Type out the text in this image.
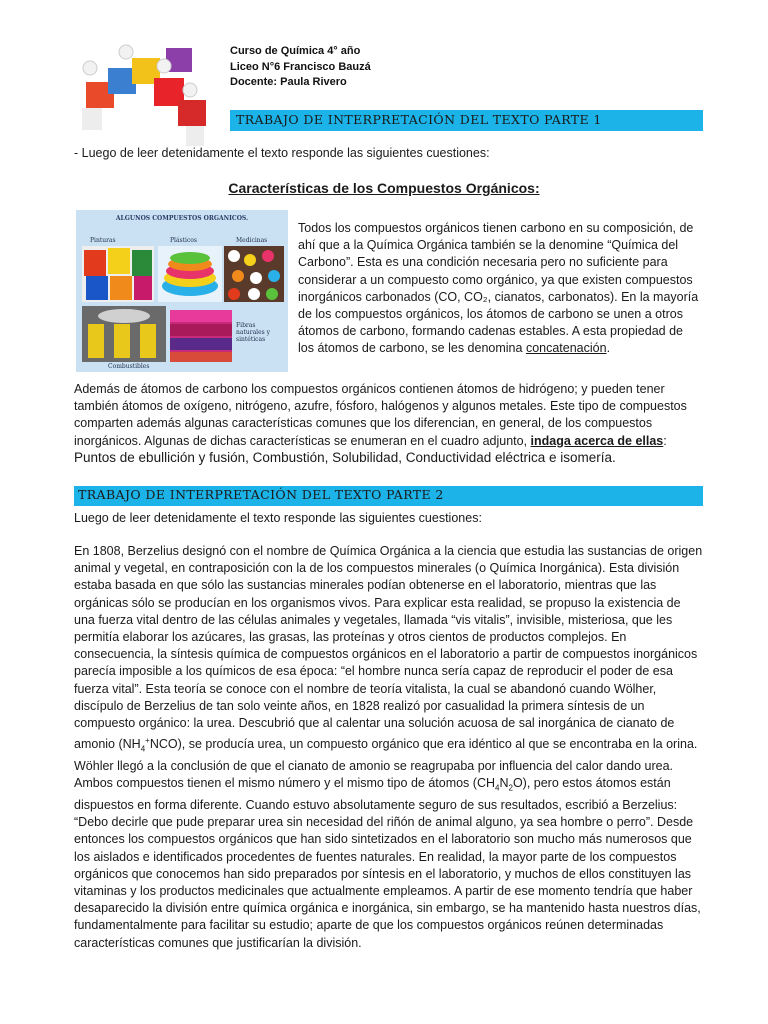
Curso de Química 4° año
Liceo N°6 Francisco Bauzá
Docente: Paula Rivero
TRABAJO DE INTERPRETACIÓN DEL TEXTO PARTE 1
- Luego de leer detenidamente el texto responde las siguientes cuestiones:
Características de los Compuestos Orgánicos:
ALGUNOS COMPUESTOS ORGANICOS.
Pinturas	Plásticos	Medicinas
Fibras naturales y sintéticas
Combustibles
Todos los compuestos orgánicos tienen carbono en su composición, de ahí que a la Química Orgánica también se la denomine “Química del Carbono”. Esta es una condición necesaria pero no suficiente para considerar a un compuesto como orgánico, ya que existen compuestos inorgánicos carbonados (CO, CO₂, cianatos, carbonatos). En la mayoría de los compuestos orgánicos, los átomos de carbono se unen a otros átomos de carbono, formando cadenas estables. A esta propiedad de los átomos de carbono, se les denomina concatenación.
Además de átomos de carbono los compuestos orgánicos contienen átomos de hidrógeno; y pueden tener también átomos de oxígeno, nitrógeno, azufre, fósforo, halógenos y algunos metales. Este tipo de compuestos comparten además algunas características comunes que los diferencian, en general, de los compuestos inorgánicos. Algunas de dichas características se enumeran en el cuadro adjunto, indaga acerca de ellas:
Puntos de ebullición y fusión, Combustión, Solubilidad, Conductividad eléctrica e isomería.
TRABAJO DE INTERPRETACIÓN DEL TEXTO PARTE 2
Luego de leer detenidamente el texto responde las siguientes cuestiones:
En 1808, Berzelius designó con el nombre de Química Orgánica a la ciencia que estudia las sustancias de origen animal y vegetal, en contraposición con la de los compuestos minerales (o Química Inorgánica). Esta división estaba basada en que sólo las sustancias minerales podían obtenerse en el laboratorio, mientras que las orgánicas sólo se producían en los organismos vivos. Para explicar esta realidad, se propuso la existencia de una fuerza vital dentro de las células animales y vegetales, llamada “vis vitalis”, invisible, misteriosa, que les permitía elaborar los azúcares, las grasas, las proteínas y otros cientos de productos complejos. En consecuencia, la síntesis química de compuestos orgánicos en el laboratorio a partir de compuestos inorgánicos parecía imposible a los químicos de esa época: “el hombre nunca sería capaz de reproducir el poder de esa fuerza vital”. Esta teoría se conoce con el nombre de teoría vitalista, la cual se abandonó cuando Wölher, discípulo de Berzelius de tan solo veinte años, en 1828 realizó por casualidad la primera síntesis de un compuesto orgánico: la urea. Descubrió que al calentar una solución acuosa de sal inorgánica de cianato de amonio $(NH_4^+NCO)$, se producía urea, un compuesto orgánico que era idéntico al que se encontraba en la orina. Wöhler llegó a la conclusión de que el cianato de amonio se reagrupaba por influencia del calor dando urea. Ambos compuestos tienen el mismo número y el mismo tipo de átomos $(CH_4N_2O)$, pero estos átomos están dispuestos en forma diferente. Cuando estuvo absolutamente seguro de sus resultados, escribió a Berzelius: “Debo decirle que pude preparar urea sin necesidad del riñón de animal alguno, ya sea hombre o perro”. Desde entonces los compuestos orgánicos que han sido sintetizados en el laboratorio son mucho más numerosos que los aislados e identificados procedentes de fuentes naturales. En realidad, la mayor parte de los compuestos orgánicos que conocemos han sido preparados por síntesis en el laboratorio, y muchos de ellos constituyen las vitaminas y los productos medicinales que actualmente empleamos. A partir de ese momento tendría que haber desaparecido la división entre química orgánica e inorgánica, sin embargo, se ha mantenido hasta nuestros días, fundamentalmente para facilitar su estudio; aparte de que los compuestos orgánicos reúnen determinadas características comunes que justificarían la división.
